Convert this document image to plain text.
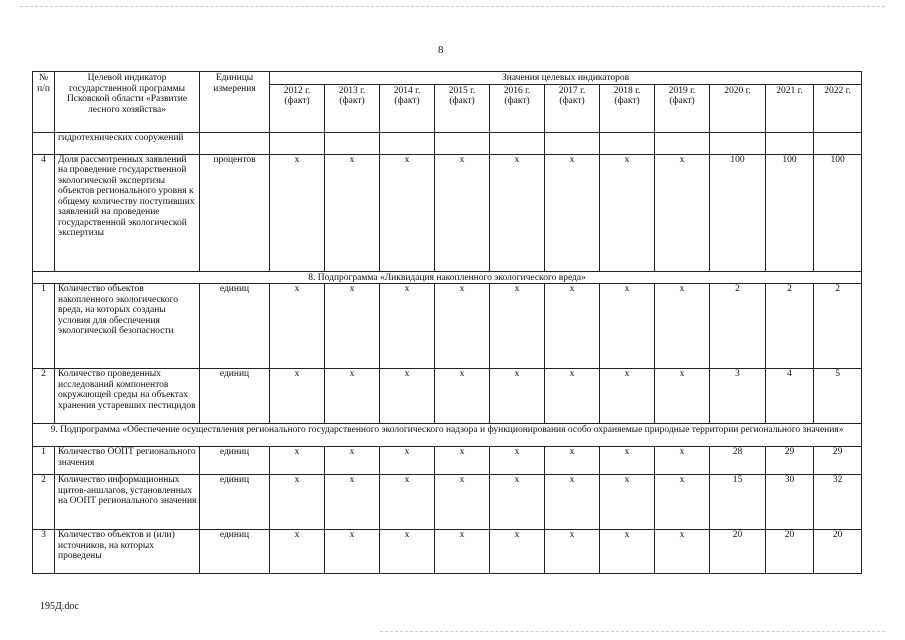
8
№ п/п	Целевой индикатор государственной программы Псковской области «Развитие лесного хозяйства»	Единицы измерения	Значения целевых индикаторов										
			2012 г. (факт)	2013 г. (факт)	2014 г. (факт)	2015 г. (факт)	2016 г. (факт)	2017 г. (факт)	2018 г. (факт)	2019 г. (факт)	2020 г.	2021 г.	2022 г.
	гидротехнических сооружений												
4	Доля рассмотренных заявлений на проведение государственной экологической экспертизы объектов регионального уровня к общему количеству поступивших заявлений на проведение государственной экологической экспертизы	процентов	х	х	х	х	х	х	х	х	100	100	100
8. Подпрограмма «Ликвидация накопленного экологического вреда»													
1	Количество объектов накопленного экологического вреда, на которых созданы условия для обеспечения экологической безопасности	единиц	х	х	х	х	х	х	х	х	2	2	2
2	Количество проведенных исследований компонентов окружающей среды на объектах хранения устаревших пестицидов	единиц	х	х	х	х	х	х	х	х	3	4	5
9. Подпрограмма «Обеспечение осуществления регионального государственного экологического надзора и функционирования особо охраняемые природные территории регионального значения»													
1	Количество ООПТ регионального значения	единиц	х	х	х	х	х	х	х	х	28	29	29
2	Количество информационных щитов-аншлагов, установленных на ООПТ регионального значения	единиц	х	х	х	х	х	х	х	х	15	30	32
3	Количество объектов и (или) источников, на которых проведены	единиц	х	х	х	х	х	х	х	х	20	20	20
195Д.doc
